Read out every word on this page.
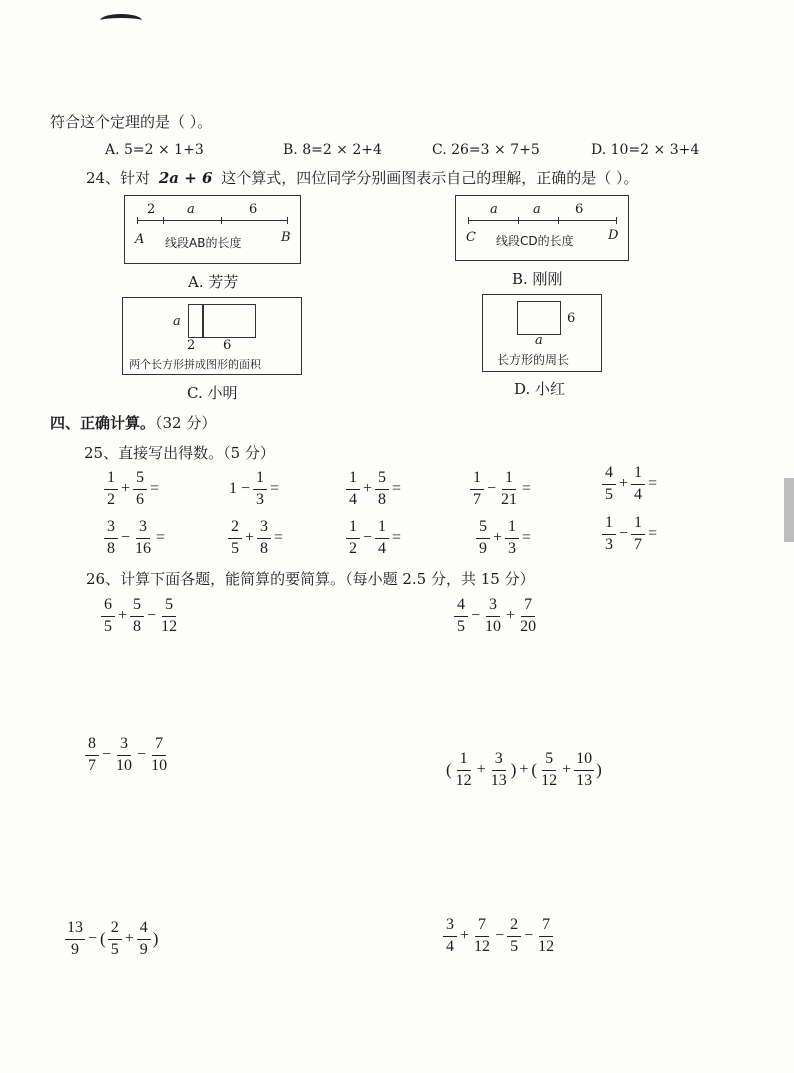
符合这个定理的是（ ）。
A. 5=2 × 1+3	B. 8=2 × 2+4	C. 26=3 × 7+5	D. 10=2 × 3+4
24、针对 2a + 6 这个算式，四位同学分别画图表示自己的理解，正确的是（ ）。
2 a	6
A 线段AB的长度	B
A. 芳芳
a	a	6
C 线段CD的长度	D
B. 刚刚
a
2 6
两个长方形拼成图形的面积
C. 小明
6
a
长方形的周长
D. 小红
四、正确计算。（32 分）
25、直接写出得数。（5 分）
$\frac{1}{2} + \frac{5}{6}$ =	$1 - \frac{1}{3}$ =	$\frac{1}{4} + \frac{5}{8}$ =	$\frac{1}{7} - \frac{1}{21}$ =	$\frac{4}{5} + \frac{1}{4}$ =
$\frac{3}{8} - \frac{3}{16}$ =	$\frac{2}{5} + \frac{3}{8}$ =	$\frac{1}{2} - \frac{1}{4}$ =	$\frac{5}{9} + \frac{1}{3}$ =	$\frac{1}{3} - \frac{1}{7}$ =
26、计算下面各题，能简算的要简算。（每小题 2.5 分，共 15 分）
$\frac{6}{5} + \frac{5}{8} - \frac{5}{12}$	$\frac{4}{5} - \frac{3}{10} + \frac{7}{20}$
$\frac{8}{7} - \frac{3}{10} - \frac{7}{10}$	( $\frac{1}{12} + \frac{3}{13}$ ) + ( $\frac{5}{12} + \frac{10}{13}$ )
$\frac{13}{9}$ − ( $\frac{2}{5} + \frac{4}{9}$ )	$\frac{3}{4} + \frac{7}{12} - \frac{2}{5} - \frac{7}{12}$
